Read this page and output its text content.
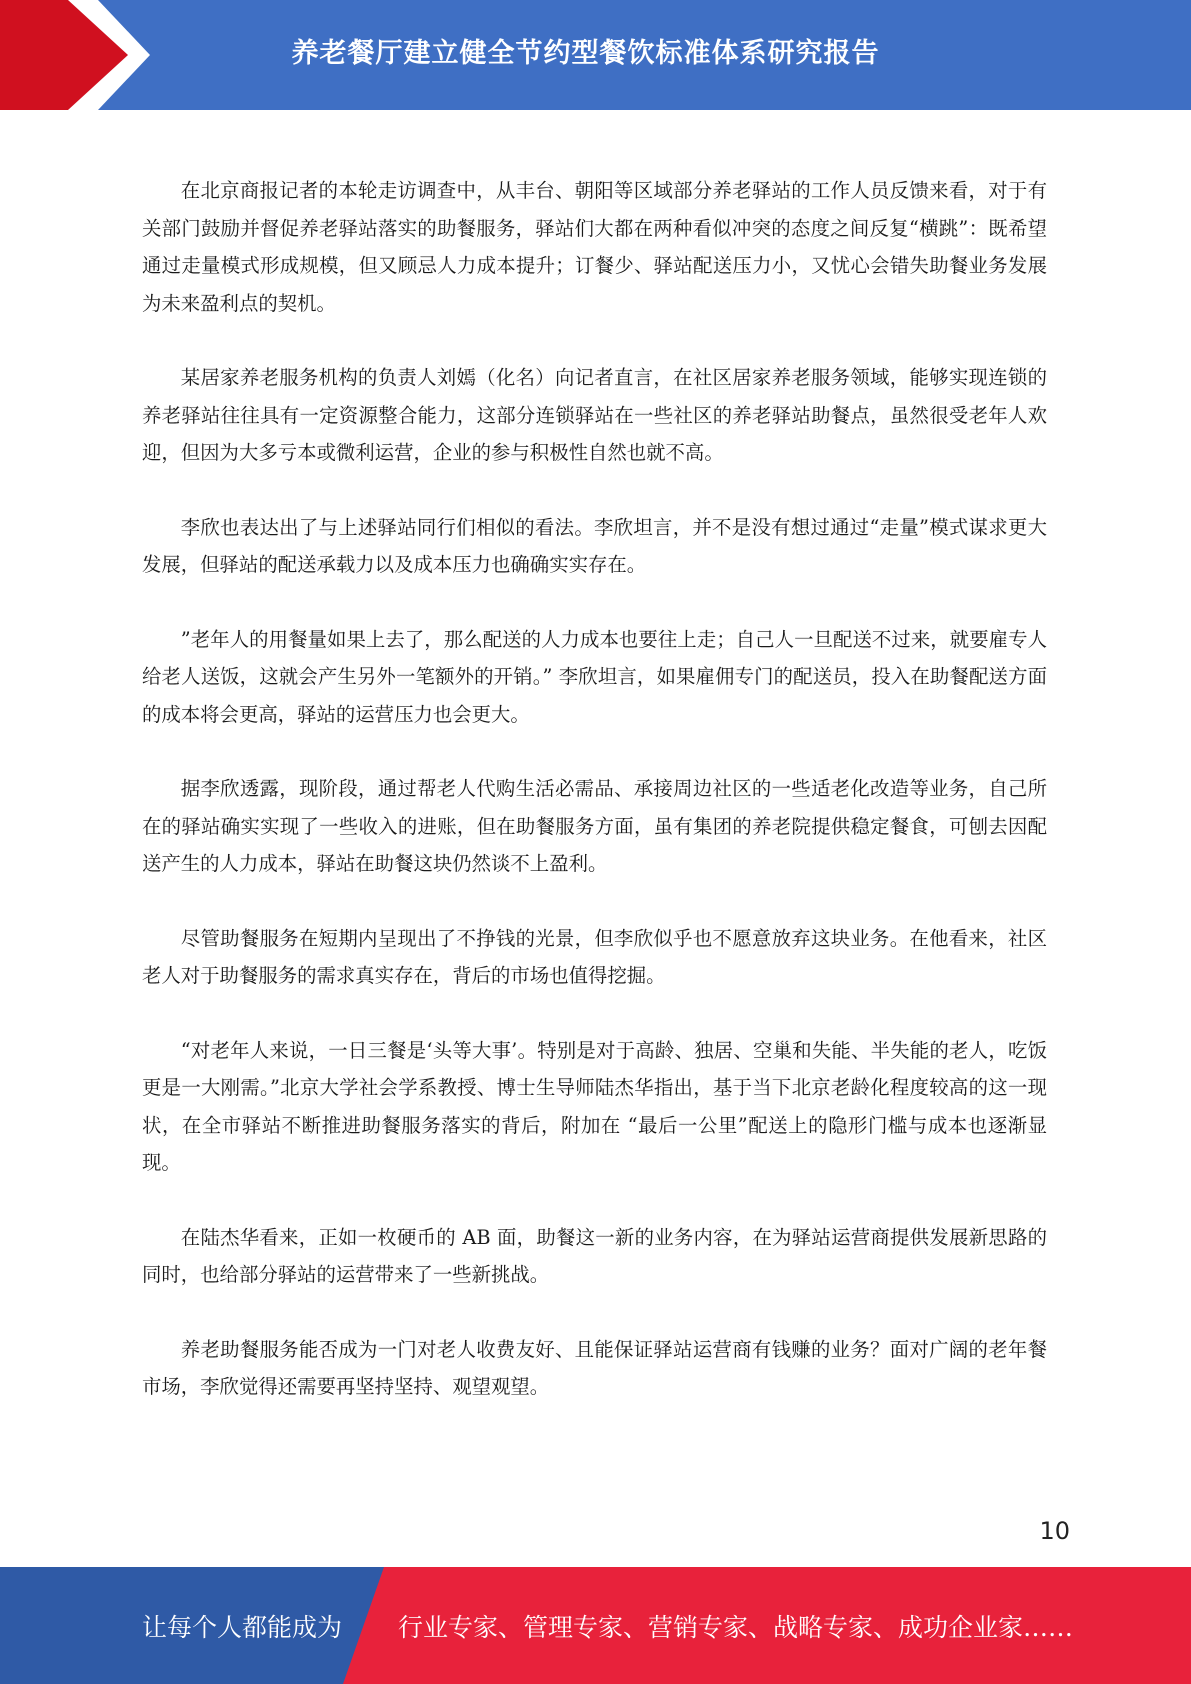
养老餐厅建立健全节约型餐饮标准体系研究报告

在北京商报记者的本轮走访调查中，从丰台、朝阳等区域部分养老驿站的工作人员反馈来看，对于有关部门鼓励并督促养老驿站落实的助餐服务，驿站们大都在两种看似冲突的态度之间反复“横跳”：既希望通过走量模式形成规模，但又顾忌人力成本提升；订餐少、驿站配送压力小，又忧心会错失助餐业务发展为未来盈利点的契机。

某居家养老服务机构的负责人刘嫣（化名）向记者直言，在社区居家养老服务领域，能够实现连锁的养老驿站往往具有一定资源整合能力，这部分连锁驿站在一些社区的养老驿站助餐点，虽然很受老年人欢迎，但因为大多亏本或微利运营，企业的参与积极性自然也就不高。

李欣也表达出了与上述驿站同行们相似的看法。李欣坦言，并不是没有想过通过“走量”模式谋求更大发展，但驿站的配送承载力以及成本压力也确确实实存在。

”老年人的用餐量如果上去了，那么配送的人力成本也要往上走；自己人一旦配送不过来，就要雇专人给老人送饭，这就会产生另外一笔额外的开销。” 李欣坦言，如果雇佣专门的配送员，投入在助餐配送方面的成本将会更高，驿站的运营压力也会更大。

据李欣透露，现阶段，通过帮老人代购生活必需品、承接周边社区的一些适老化改造等业务，自己所在的驿站确实实现了一些收入的进账，但在助餐服务方面，虽有集团的养老院提供稳定餐食，可刨去因配送产生的人力成本，驿站在助餐这块仍然谈不上盈利。

尽管助餐服务在短期内呈现出了不挣钱的光景，但李欣似乎也不愿意放弃这块业务。在他看来，社区老人对于助餐服务的需求真实存在，背后的市场也值得挖掘。

“对老年人来说，一日三餐是‘头等大事’。特别是对于高龄、独居、空巢和失能、半失能的老人，吃饭更是一大刚需。”北京大学社会学系教授、博士生导师陆杰华指出，基于当下北京老龄化程度较高的这一现状，在全市驿站不断推进助餐服务落实的背后，附加在 “最后一公里”配送上的隐形门槛与成本也逐渐显现。

在陆杰华看来，正如一枚硬币的 AB 面，助餐这一新的业务内容，在为驿站运营商提供发展新思路的同时，也给部分驿站的运营带来了一些新挑战。

养老助餐服务能否成为一门对老人收费友好、且能保证驿站运营商有钱赚的业务？面对广阔的老年餐市场，李欣觉得还需要再坚持坚持、观望观望。

10
让每个人都能成为 行业专家、管理专家、营销专家、战略专家、成功企业家……
